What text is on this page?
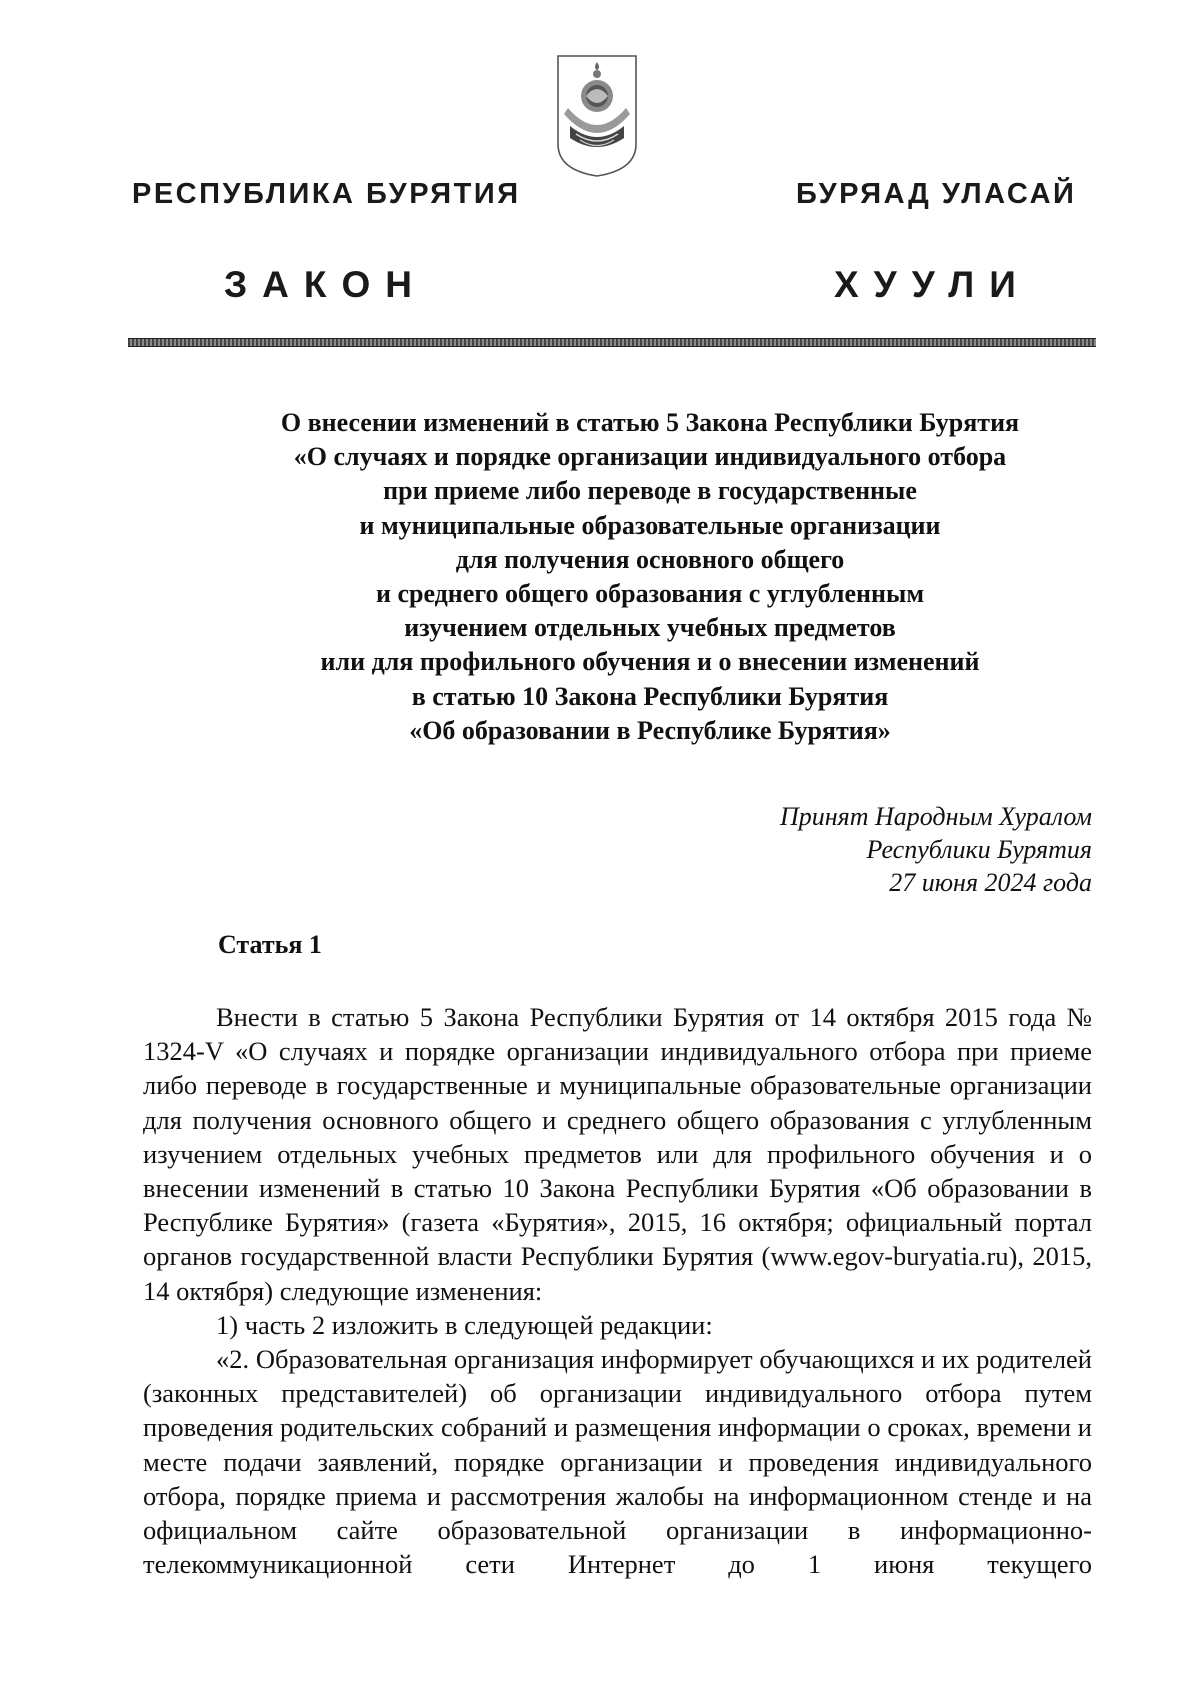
РЕСПУБЛИКА БУРЯТИЯ	БУРЯАД УЛАСАЙ
ЗАКОН	ХУУЛИ
О внесении изменений в статью 5 Закона Республики Бурятия
«О случаях и порядке организации индивидуального отбора
при приеме либо переводе в государственные
и муниципальные образовательные организации
для получения основного общего
и среднего общего образования с углубленным
изучением отдельных учебных предметов
или для профильного обучения и о внесении изменений
в статью 10 Закона Республики Бурятия
«Об образовании в Республике Бурятия»
Принят Народным Хуралом
Республики Бурятия
27 июня 2024 года
Статья 1

Внести в статью 5 Закона Республики Бурятия от 14 октября 2015 года № 1324-V «О случаях и порядке организации индивидуального отбора при приеме либо переводе в государственные и муниципальные образовательные организации для получения основного общего и среднего общего образования с углубленным изучением отдельных учебных предметов или для профильного обучения и о внесении изменений в статью 10 Закона Республики Бурятия «Об образовании в Республике Бурятия» (газета «Бурятия», 2015, 16 октября; официальный портал органов государственной власти Республики Бурятия (www.egov-buryatia.ru), 2015, 14 октября) следующие изменения:

1) часть 2 изложить в следующей редакции:

«2. Образовательная организация информирует обучающихся и их родителей (законных представителей) об организации индивидуального отбора путем проведения родительских собраний и размещения информации о сроках, времени и месте подачи заявлений, порядке организации и проведения индивидуального отбора, порядке приема и рассмотрения жалобы на информационном стенде и на официальном сайте образовательной организации в информационно-телекоммуникационной сети Интернет до 1 июня текущего
